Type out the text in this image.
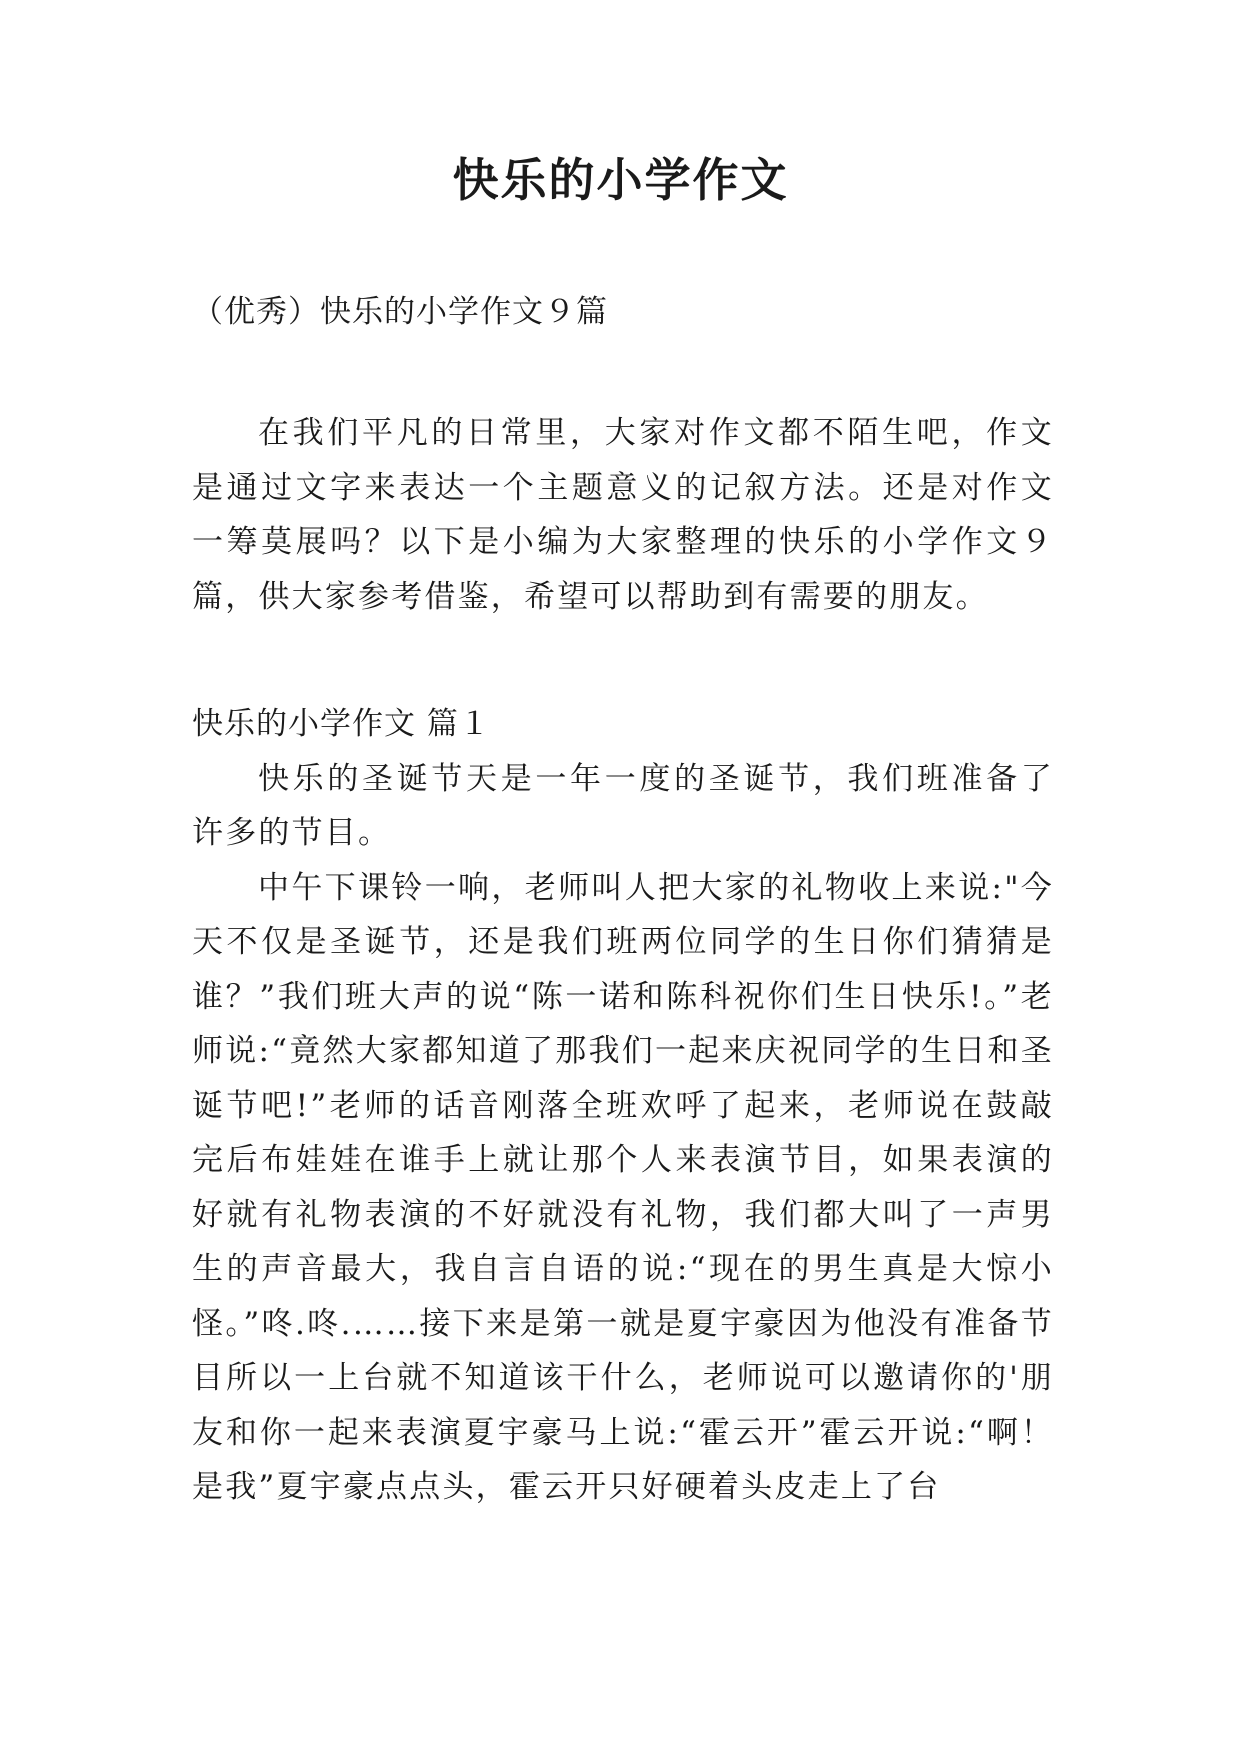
快乐的小学作文
（优秀）快乐的小学作文９篇

在我们平凡的日常里，大家对作文都不陌生吧，作文是通过文字来表达一个主题意义的记叙方法。还是对作文一筹莫展吗？以下是小编为大家整理的快乐的小学作文９篇，供大家参考借鉴，希望可以帮助到有需要的朋友。

快乐的小学作文 篇１

快乐的圣诞节天是一年一度的圣诞节，我们班准备了许多的节目。

中午下课铃一响，老师叫人把大家的礼物收上来说:"今天不仅是圣诞节，还是我们班两位同学的生日你们猜猜是谁？”我们班大声的说“陈一诺和陈科祝你们生日快乐!。”老师说:“竟然大家都知道了那我们一起来庆祝同学的生日和圣诞节吧!”老师的话音刚落全班欢呼了起来，老师说在鼓敲完后布娃娃在谁手上就让那个人来表演节目，如果表演的好就有礼物表演的不好就没有礼物，我们都大叫了一声男生的声音最大，我自言自语的说:“现在的男生真是大惊小怪。”咚.咚.……接下来是第一就是夏宇豪因为他没有准备节目所以一上台就不知道该干什么，老师说可以邀请你的'朋友和你一起来表演夏宇豪马上说:“霍云开”霍云开说:“啊！是我”夏宇豪点点头，霍云开只好硬着头皮走上了台
